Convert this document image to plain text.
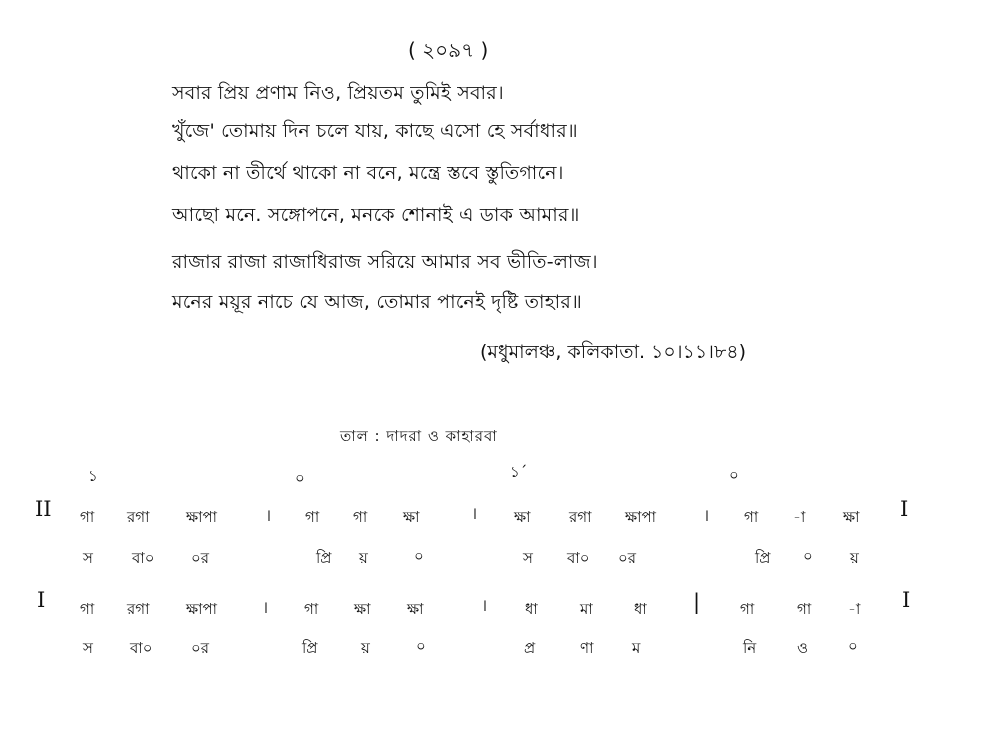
( ২০৯৭ )
সবার প্রিয় প্রণাম নিও, প্রিয়তম তুমিই সবার।
খুঁজে' তোমায় দিন চলে যায়, কাছে এসো হে সর্বাধার॥
থাকো না তীর্থে থাকো না বনে, মন্ত্রে স্তবে স্তুতিগানে।
আছো মনে. সঙ্গোপনে, মনকে শোনাই এ ডাক আমার॥
রাজার রাজা রাজাধিরাজ সরিয়ে আমার সব ভীতি-লাজ।
মনের ময়ূর নাচে যে আজ, তোমার পানেই দৃষ্টি তাহার॥
(মধুমালঞ্চ, কলিকাতা. ১০।১১।৮৪)
তাল : দাদরা ও কাহারবা
১	০	১´	০
II গা রগা ক্ষাপা	। গা গা ক্ষা	। ক্ষা	রগা ক্ষাপা	। গা -া	ক্ষা I
স	বা০ ০র	প্রি য়	০	স বা০ ০র	প্রি ০ য়
I গা রগা ক্ষাপা	। গা ক্ষা ক্ষা	।	ধা	মা	ধা |	গা	গা -া I
স বা০	০র	প্রি	য়	০	প্র	ণা	ম	নি	ও	০
